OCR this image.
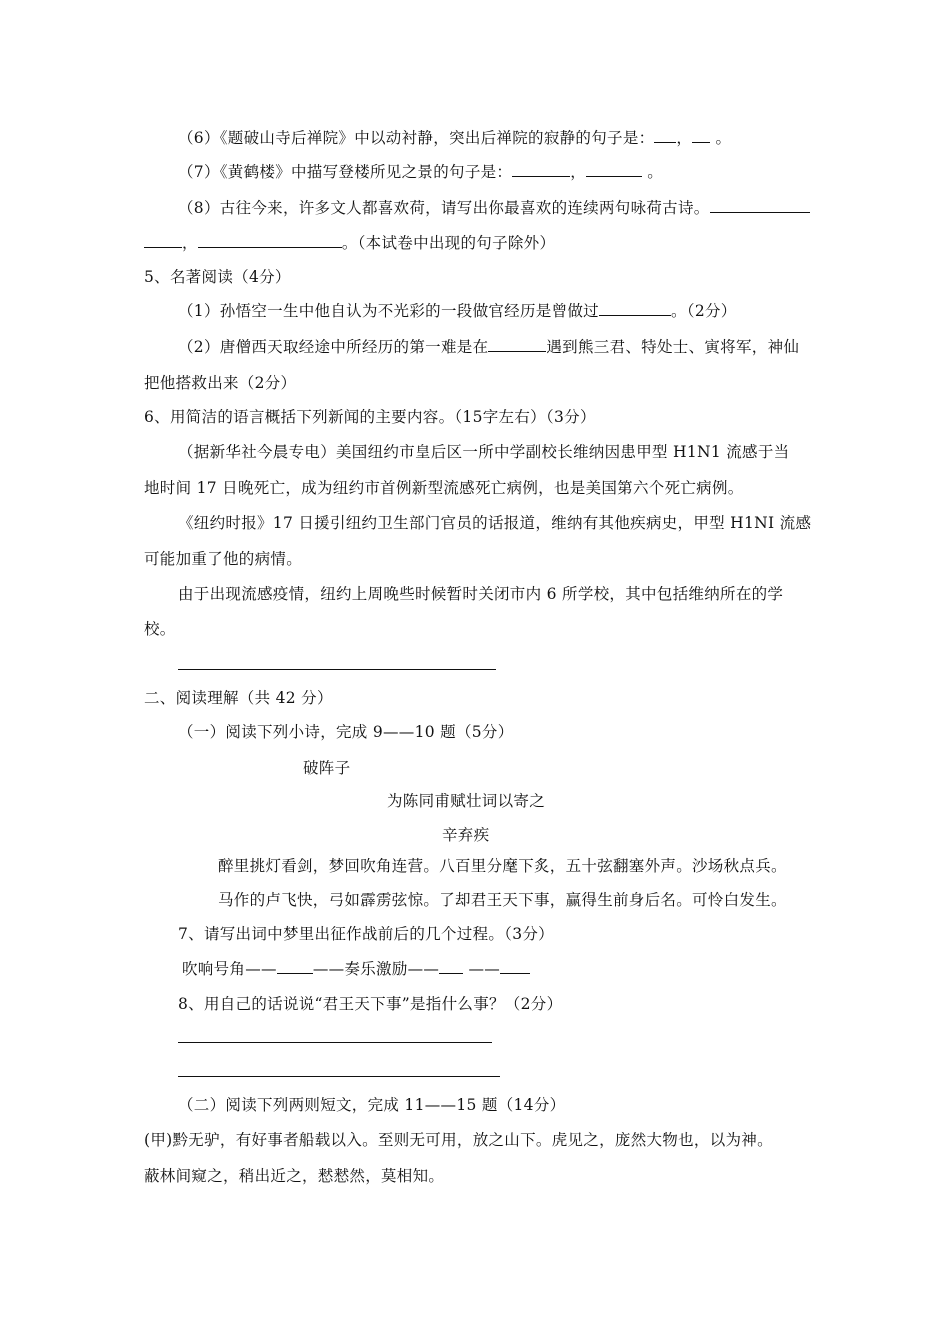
（6）《题破山寺后禅院》中以动衬静，突出后禅院的寂静的句子是： ， 。
（7）《黄鹤楼》中描写登楼所见之景的句子是：	，	。
（8）古往今来，许多文人都喜欢荷，请写出你最喜欢的连续两句咏荷古诗。
，	。（本试卷中出现的句子除外）
5、名著阅读（4分）
（1）孙悟空一生中他自认为不光彩的一段做官经历是曾做过	。（2分）
（2）唐僧西天取经途中所经历的第一难是在	遇到熊三君、特处士、寅将军，神仙
把他搭救出来（2分）
6、用简洁的语言概括下列新闻的主要内容。（15字左右）（3分）
（据新华社今晨专电）美国纽约市皇后区一所中学副校长维纳因患甲型 H1N1 流感于当
地时间 17 日晚死亡，成为纽约市首例新型流感死亡病例，也是美国第六个死亡病例。
《纽约时报》17 日援引纽约卫生部门官员的话报道，维纳有其他疾病史，甲型 H1NI 流感
可能加重了他的病情。
由于出现流感疫情，纽约上周晚些时候暂时关闭市内 6 所学校，其中包括维纳所在的学
校。
二、阅读理解（共 42 分）
（一）阅读下列小诗，完成 9——10 题（5分）
破阵子
为陈同甫赋壮词以寄之
辛弃疾
醉里挑灯看剑，梦回吹角连营。八百里分麾下炙，五十弦翻塞外声。沙场秋点兵。
马作的卢飞快，弓如霹雳弦惊。了却君王天下事，赢得生前身后名。可怜白发生。
7、请写出词中梦里出征作战前后的几个过程。（3分）
吹响号角—— ——奏乐激励—— ——
8、用自己的话说说“君王天下事”是指什么事？（2分）
（二）阅读下列两则短文，完成 11——15 题（14分）
(甲)黔无驴，有好事者船载以入。至则无可用，放之山下。虎见之，庞然大物也，以为神。
蔽林间窥之，稍出近之，慭慭然，莫相知。
